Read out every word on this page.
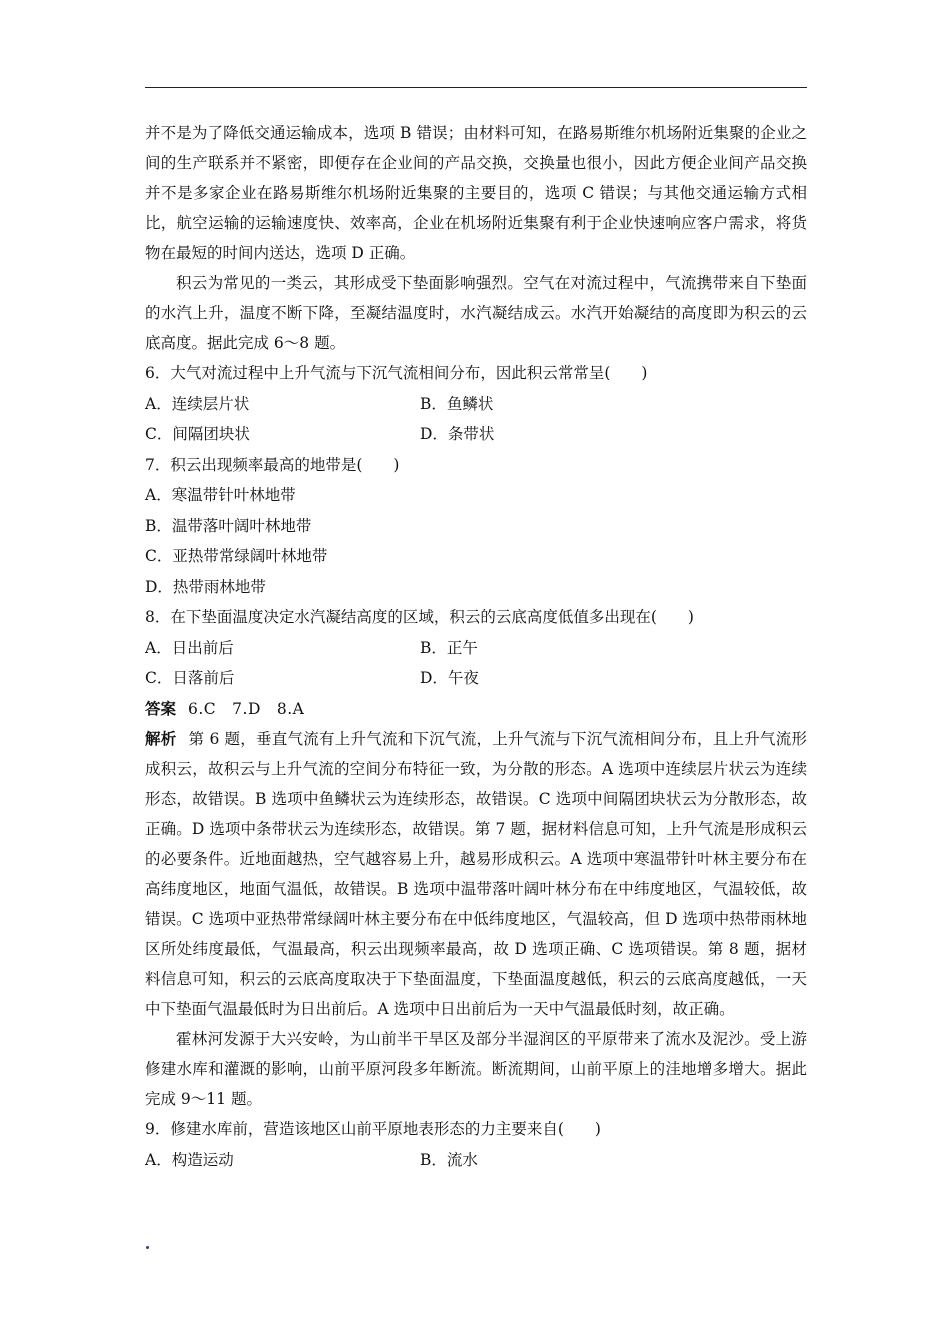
并不是为了降低交通运输成本，选项 B 错误；由材料可知，在路易斯维尔机场附近集聚的企业之间的生产联系并不紧密，即便存在企业间的产品交换，交换量也很小，因此方便企业间产品交换并不是多家企业在路易斯维尔机场附近集聚的主要目的，选项 C 错误；与其他交通运输方式相比，航空运输的运输速度快、效率高，企业在机场附近集聚有利于企业快速响应客户需求，将货物在最短的时间内送达，选项 D 正确。

积云为常见的一类云，其形成受下垫面影响强烈。空气在对流过程中，气流携带来自下垫面的水汽上升，温度不断下降，至凝结温度时，水汽凝结成云。水汽开始凝结的高度即为积云的云底高度。据此完成 6～8 题。

6．大气对流过程中上升气流与下沉气流相间分布，因此积云常常呈(　　)

A．连续层片状	B．鱼鳞状
C．间隔团块状	D．条带状

7．积云出现频率最高的地带是(　　)

A．寒温带针叶林地带

B．温带落叶阔叶林地带

C．亚热带常绿阔叶林地带

D．热带雨林地带

8．在下垫面温度决定水汽凝结高度的区域，积云的云底高度低值多出现在(　　)

A．日出前后	B．正午
C．日落前后	D．午夜

答案 6.C　7.D　8.A

解析 第 6 题，垂直气流有上升气流和下沉气流，上升气流与下沉气流相间分布，且上升气流形成积云，故积云与上升气流的空间分布特征一致，为分散的形态。A 选项中连续层片状云为连续形态，故错误。B 选项中鱼鳞状云为连续形态，故错误。C 选项中间隔团块状云为分散形态，故正确。D 选项中条带状云为连续形态，故错误。第 7 题，据材料信息可知，上升气流是形成积云的必要条件。近地面越热，空气越容易上升，越易形成积云。A 选项中寒温带针叶林主要分布在高纬度地区，地面气温低，故错误。B 选项中温带落叶阔叶林分布在中纬度地区，气温较低，故错误。C 选项中亚热带常绿阔叶林主要分布在中低纬度地区，气温较高，但 D 选项中热带雨林地区所处纬度最低，气温最高，积云出现频率最高，故 D 选项正确、C 选项错误。第 8 题，据材料信息可知，积云的云底高度取决于下垫面温度，下垫面温度越低，积云的云底高度越低，一天中下垫面气温最低时为日出前后。A 选项中日出前后为一天中气温最低时刻，故正确。

霍林河发源于大兴安岭，为山前半干旱区及部分半湿润区的平原带来了流水及泥沙。受上游修建水库和灌溉的影响，山前平原河段多年断流。断流期间，山前平原上的洼地增多增大。据此完成 9～11 题。

9．修建水库前，营造该地区山前平原地表形态的力主要来自(　　)

A．构造运动	B．流水
